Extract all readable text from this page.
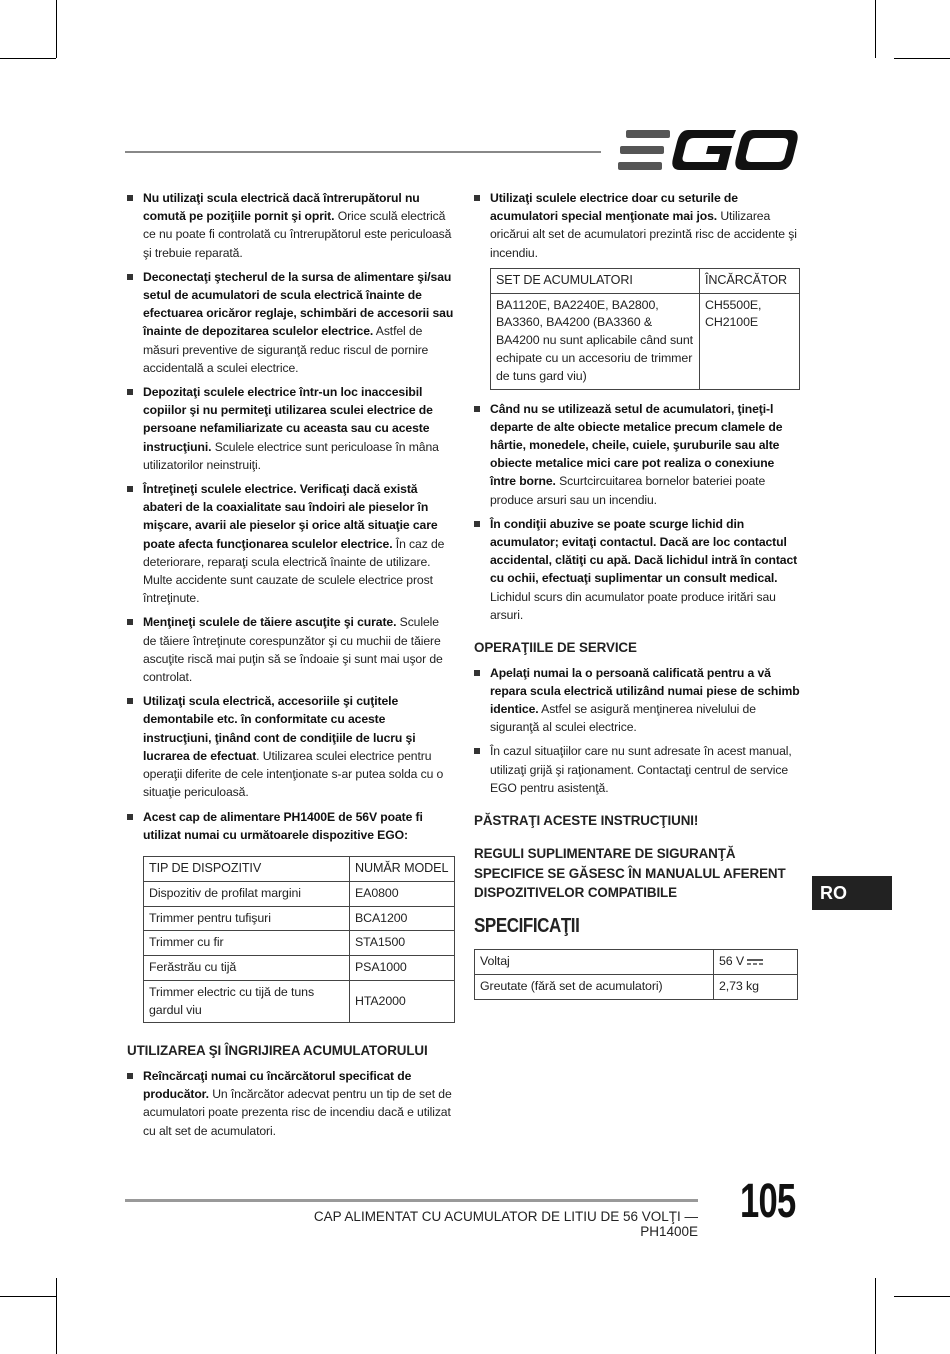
Nu utilizaţi scula electrică dacă întrerupătorul nu comută pe poziţiile pornit şi oprit. Orice sculă electrică ce nu poate fi controlată cu întrerupătorul este periculoasă şi trebuie reparată.
Deconectaţi ştecherul de la sursa de alimentare şi/sau setul de acumulatori de scula electrică înainte de efectuarea oricăror reglaje, schimbări de accesorii sau înainte de depozitarea sculelor electrice. Astfel de măsuri preventive de siguranţă reduc riscul de pornire accidentală a sculei electrice.
Depozitaţi sculele electrice într-un loc inaccesibil copiilor şi nu permiteţi utilizarea sculei electrice de persoane nefamiliarizate cu aceasta sau cu aceste instrucţiuni. Sculele electrice sunt periculoase în mâna utilizatorilor neinstruiţi.
Întreţineţi sculele electrice. Verificaţi dacă există abateri de la coaxialitate sau îndoiri ale pieselor în mişcare, avarii ale pieselor şi orice altă situaţie care poate afecta funcţionarea sculelor electrice. În caz de deteriorare, reparaţi scula electrică înainte de utilizare. Multe accidente sunt cauzate de sculele electrice prost întreţinute.
Menţineţi sculele de tăiere ascuţite şi curate. Sculele de tăiere întreţinute corespunzător şi cu muchii de tăiere ascuţite riscă mai puţin să se îndoaie şi sunt mai uşor de controlat.
Utilizaţi scula electrică, accesoriile şi cuţitele demontabile etc. în conformitate cu aceste instrucţiuni, ţinând cont de condiţiile de lucru şi lucrarea de efectuat. Utilizarea sculei electrice pentru operaţii diferite de cele intenţionate s-ar putea solda cu o situaţie periculoasă.
Acest cap de alimentare PH1400E de 56V poate fi utilizat numai cu următoarele dispozitive EGO:
TIP DE DISPOZITIV	NUMĂR MODEL
Dispozitiv de profilat margini	EA0800
Trimmer pentru tufişuri	BCA1200
Trimmer cu fir	STA1500
Ferăstrău cu tijă	PSA1000
Trimmer electric cu tijă de tuns gardul viu	HTA2000
UTILIZAREA ŞI ÎNGRIJIREA ACUMULATORULUI
Reîncărcaţi numai cu încărcătorul specificat de producător. Un încărcător adecvat pentru un tip de set de acumulatori poate prezenta risc de incendiu dacă e utilizat cu alt set de acumulatori.
Utilizaţi sculele electrice doar cu seturile de acumulatori special menţionate mai jos. Utilizarea oricărui alt set de acumulatori prezintă risc de accidente şi incendiu.
SET DE ACUMULATORI	ÎNCĂRCĂTOR
BA1120E, BA2240E, BA2800, BA3360, BA4200 (BA3360 & BA4200 nu sunt aplicabile când sunt echipate cu un accesoriu de trimmer de tuns gard viu)	CH5500E, CH2100E
Când nu se utilizează setul de acumulatori, ţineţi-l departe de alte obiecte metalice precum clamele de hârtie, monedele, cheile, cuiele, şuruburile sau alte obiecte metalice mici care pot realiza o conexiune între borne. Scurtcircuitarea bornelor bateriei poate produce arsuri sau un incendiu.
În condiţii abuzive se poate scurge lichid din acumulator; evitaţi contactul. Dacă are loc contactul accidental, clătiţi cu apă. Dacă lichidul intră în contact cu ochii, efectuaţi suplimentar un consult medical. Lichidul scurs din acumulator poate produce iritări sau arsuri.
OPERAŢIILE DE SERVICE
Apelaţi numai la o persoană calificată pentru a vă repara scula electrică utilizând numai piese de schimb identice. Astfel se asigură menţinerea nivelului de siguranţă al sculei electrice.
În cazul situaţiilor care nu sunt adresate în acest manual, utilizaţi grijă şi raţionament. Contactaţi centrul de service EGO pentru asistenţă.
PĂSTRAŢI ACESTE INSTRUCŢIUNI!
REGULI SUPLIMENTARE DE SIGURANŢĂ SPECIFICE SE GĂSESC ÎN MANUALUL AFERENT DISPOZITIVELOR COMPATIBILE
SPECIFICAŢII
Voltaj	56 V
Greutate (fără set de acumulatori)	2,73 kg
RO
CAP ALIMENTAT CU ACUMULATOR DE LITIU DE 56 VOLŢI — PH1400E
105
